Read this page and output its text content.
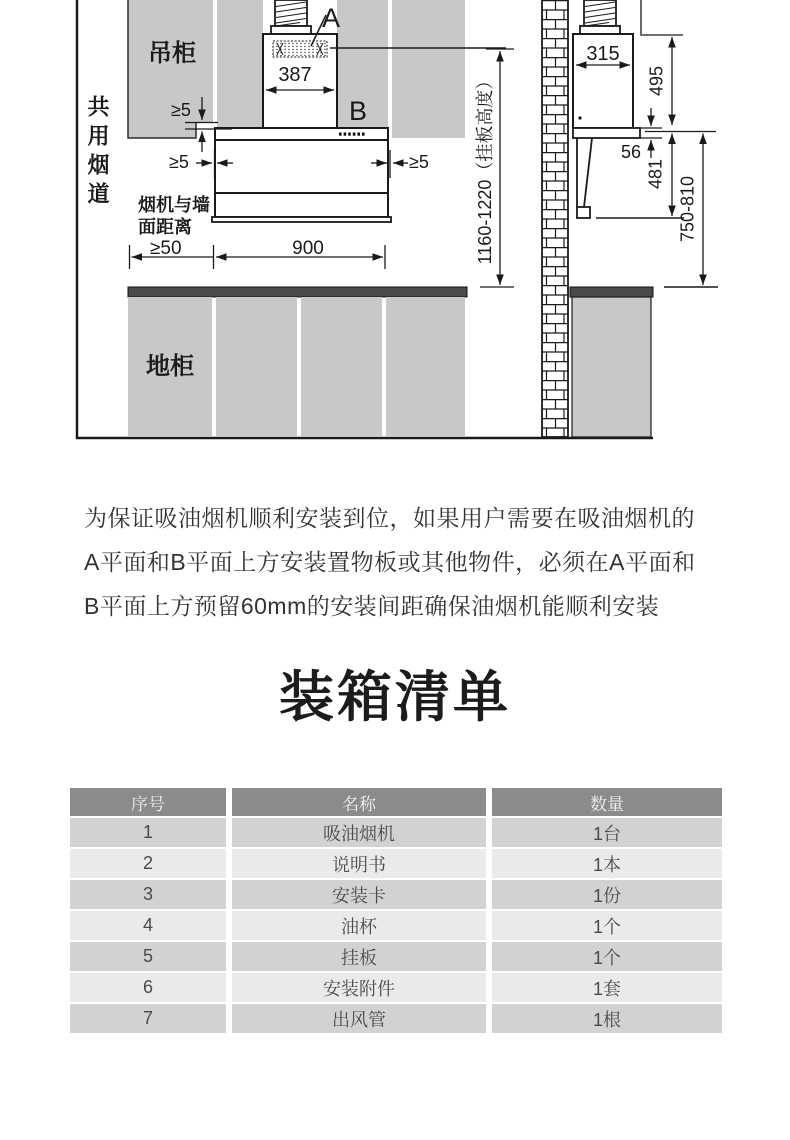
共用烟道
吊柜
A
B
387
≥5
≥5	≥5
烟机与墙
面距离
≥50	900
地柜
1160-1220（挂板高度）
315
495
56
481
750-810
为保证吸油烟机顺利安装到位，如果用户需要在吸油烟机的
A平面和B平面上方安装置物板或其他物件，必须在A平面和
B平面上方预留60mm的安装间距确保油烟机能顺利安装
装箱清单
序号	名称	数量
1	吸油烟机	1台
2	说明书	1本
3	安装卡	1份
4	油杯	1个
5	挂板	1个
6	安装附件	1套
7	出风管	1根
